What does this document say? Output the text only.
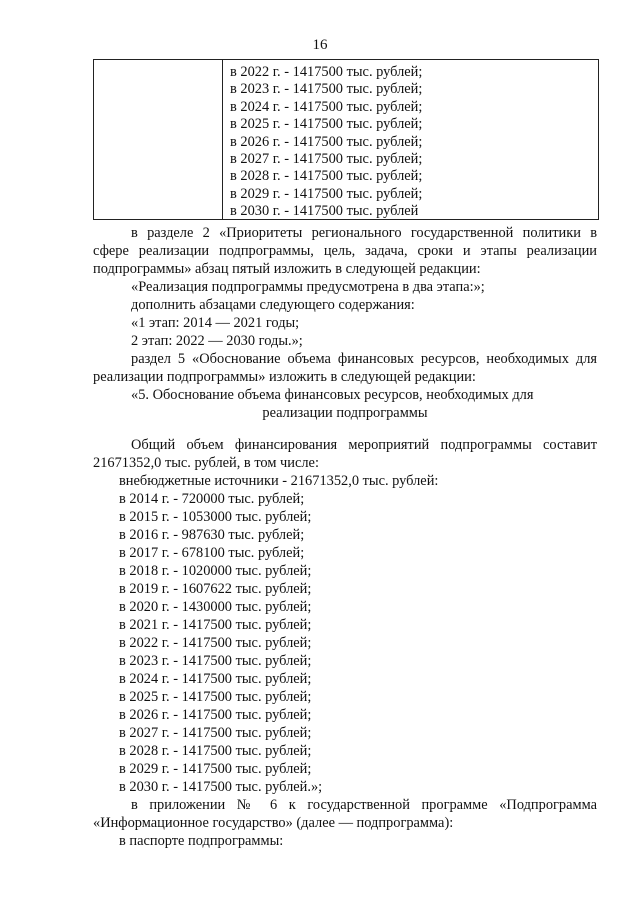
16
в 2022 г. - 1417500 тыс. рублей;
в 2023 г. - 1417500 тыс. рублей;
в 2024 г. - 1417500 тыс. рублей;
в 2025 г. - 1417500 тыс. рублей;
в 2026 г. - 1417500 тыс. рублей;
в 2027 г. - 1417500 тыс. рублей;
в 2028 г. - 1417500 тыс. рублей;
в 2029 г. - 1417500 тыс. рублей;
в 2030 г. - 1417500 тыс. рублей
в разделе 2 «Приоритеты регионального государственной политики в
сфере реализации подпрограммы, цель, задача, сроки и этапы реализации
подпрограммы» абзац пятый изложить в следующей редакции:
«Реализация подпрограммы предусмотрена в два этапа:»;
дополнить абзацами следующего содержания:
«1 этап: 2014 — 2021 годы;
2 этап: 2022 — 2030 годы.»;
раздел 5 «Обоснование объема финансовых ресурсов, необходимых для
реализации подпрограммы» изложить в следующей редакции:
«5. Обоснование объема финансовых ресурсов, необходимых для
реализации подпрограммы
Общий объем финансирования мероприятий подпрограммы составит
21671352,0 тыс. рублей, в том числе:
внебюджетные источники - 21671352,0 тыс. рублей:
в 2014 г. - 720000 тыс. рублей;
в 2015 г. - 1053000 тыс. рублей;
в 2016 г. - 987630 тыс. рублей;
в 2017 г. - 678100 тыс. рублей;
в 2018 г. - 1020000 тыс. рублей;
в 2019 г. - 1607622 тыс. рублей;
в 2020 г. - 1430000 тыс. рублей;
в 2021 г. - 1417500 тыс. рублей;
в 2022 г. - 1417500 тыс. рублей;
в 2023 г. - 1417500 тыс. рублей;
в 2024 г. - 1417500 тыс. рублей;
в 2025 г. - 1417500 тыс. рублей;
в 2026 г. - 1417500 тыс. рублей;
в 2027 г. - 1417500 тыс. рублей;
в 2028 г. - 1417500 тыс. рублей;
в 2029 г. - 1417500 тыс. рублей;
в 2030 г. - 1417500 тыс. рублей.»;
в приложении № 6 к государственной программе «Подпрограмма
«Информационное государство» (далее — подпрограмма):
в паспорте подпрограммы:
